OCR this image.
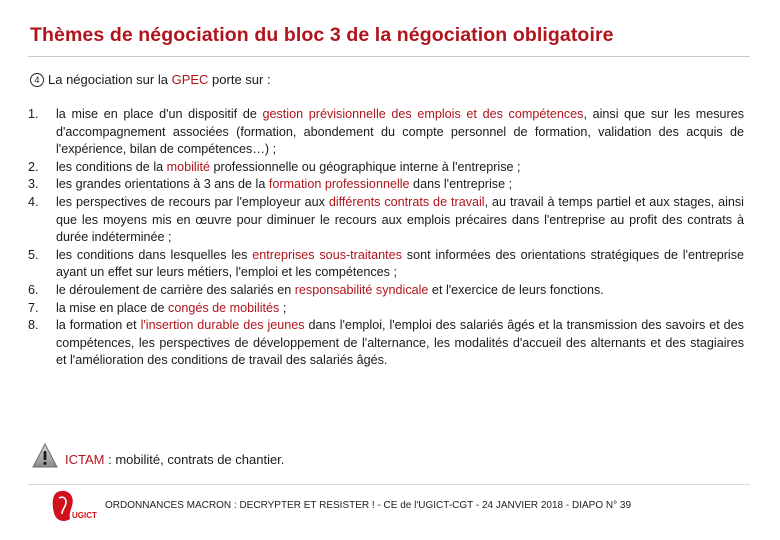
Thèmes de négociation du bloc 3 de la négociation obligatoire
4 La négociation sur la GPEC porte sur :
1.	la mise en place d'un dispositif de gestion prévisionnelle des emplois et des compétences, ainsi que sur les mesures d'accompagnement associées (formation, abondement du compte personnel de formation, validation des acquis de l'expérience, bilan de compétences…) ;
2.	les conditions de la mobilité professionnelle ou géographique interne à l'entreprise ;
3.	les grandes orientations à 3 ans de la formation professionnelle dans l'entreprise ;
4.	les perspectives de recours par l'employeur aux différents contrats de travail, au travail à temps partiel et aux stages, ainsi que les moyens mis en œuvre pour diminuer le recours aux emplois précaires dans l'entreprise au profit des contrats à durée indéterminée ;
5.	les conditions dans lesquelles les entreprises sous-traitantes sont informées des orientations stratégiques de l'entreprise ayant un effet sur leurs métiers, l'emploi et les compétences ;
6.	le déroulement de carrière des salariés en responsabilité syndicale et l'exercice de leurs fonctions.
7.	la mise en place de congés de mobilités ;
8.	la formation et l'insertion durable des jeunes dans l'emploi, l'emploi des salariés âgés et la transmission des savoirs et des compétences, les perspectives de développement de l'alternance, les modalités d'accueil des alternants et des stagiaires et l'amélioration des conditions de travail des salariés âgés.
ICTAM : mobilité, contrats de chantier.
UGICT
ORDONNANCES MACRON : DECRYPTER ET RESISTER ! - CE de l'UGICT-CGT - 24 JANVIER 2018 - DIAPO N° 39
